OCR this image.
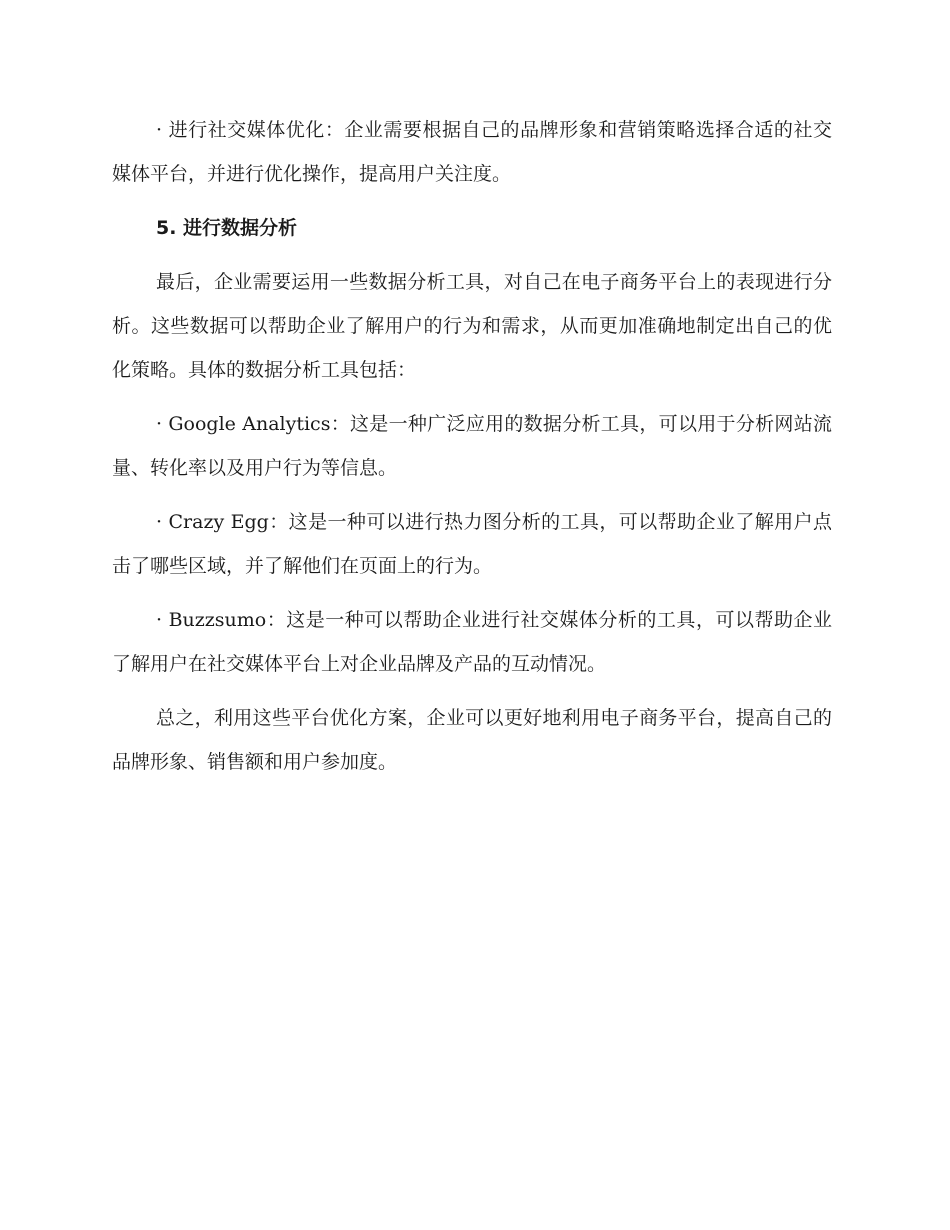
· 进行社交媒体优化：企业需要根据自己的品牌形象和营销策略选择合适的社交媒体平台，并进行优化操作，提高用户关注度。

5. 进行数据分析

最后，企业需要运用一些数据分析工具，对自己在电子商务平台上的表现进行分析。这些数据可以帮助企业了解用户的行为和需求，从而更加准确地制定出自己的优化策略。具体的数据分析工具包括：

· Google Analytics：这是一种广泛应用的数据分析工具，可以用于分析网站流量、转化率以及用户行为等信息。

· Crazy Egg：这是一种可以进行热力图分析的工具，可以帮助企业了解用户点击了哪些区域，并了解他们在页面上的行为。

· Buzzsumo：这是一种可以帮助企业进行社交媒体分析的工具，可以帮助企业了解用户在社交媒体平台上对企业品牌及产品的互动情况。

总之，利用这些平台优化方案，企业可以更好地利用电子商务平台，提高自己的品牌形象、销售额和用户参加度。
